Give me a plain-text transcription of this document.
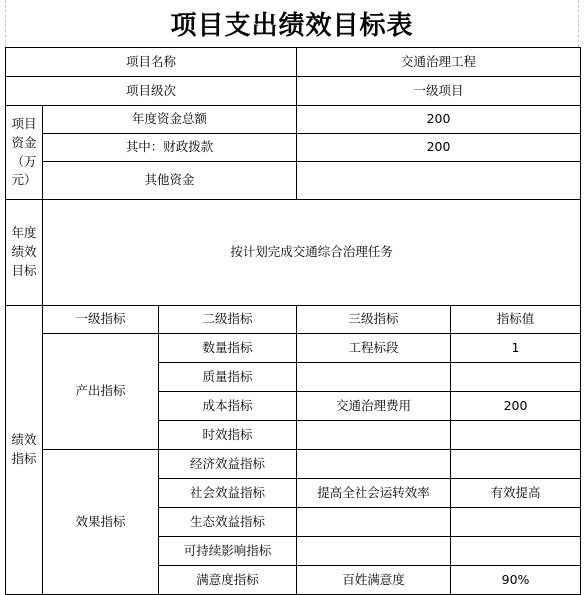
项目支出绩效目标表
项目名称			交通治理工程	
项目级次			一级项目	
项目资金（万元）	年度资金总额		200	
	其中：财政拨款		200	
	其他资金			
年度绩效目标	按计划完成交通综合治理任务			
绩效指标	一级指标	二级指标	三级指标	指标值
	产出指标	数量指标	工程标段	1
		质量指标		
		成本指标	交通治理费用	200
		时效指标		
	效果指标	经济效益指标		
		社会效益指标	提高全社会运转效率	有效提高
		生态效益指标		
		可持续影响指标		
		满意度指标	百姓满意度	90%
